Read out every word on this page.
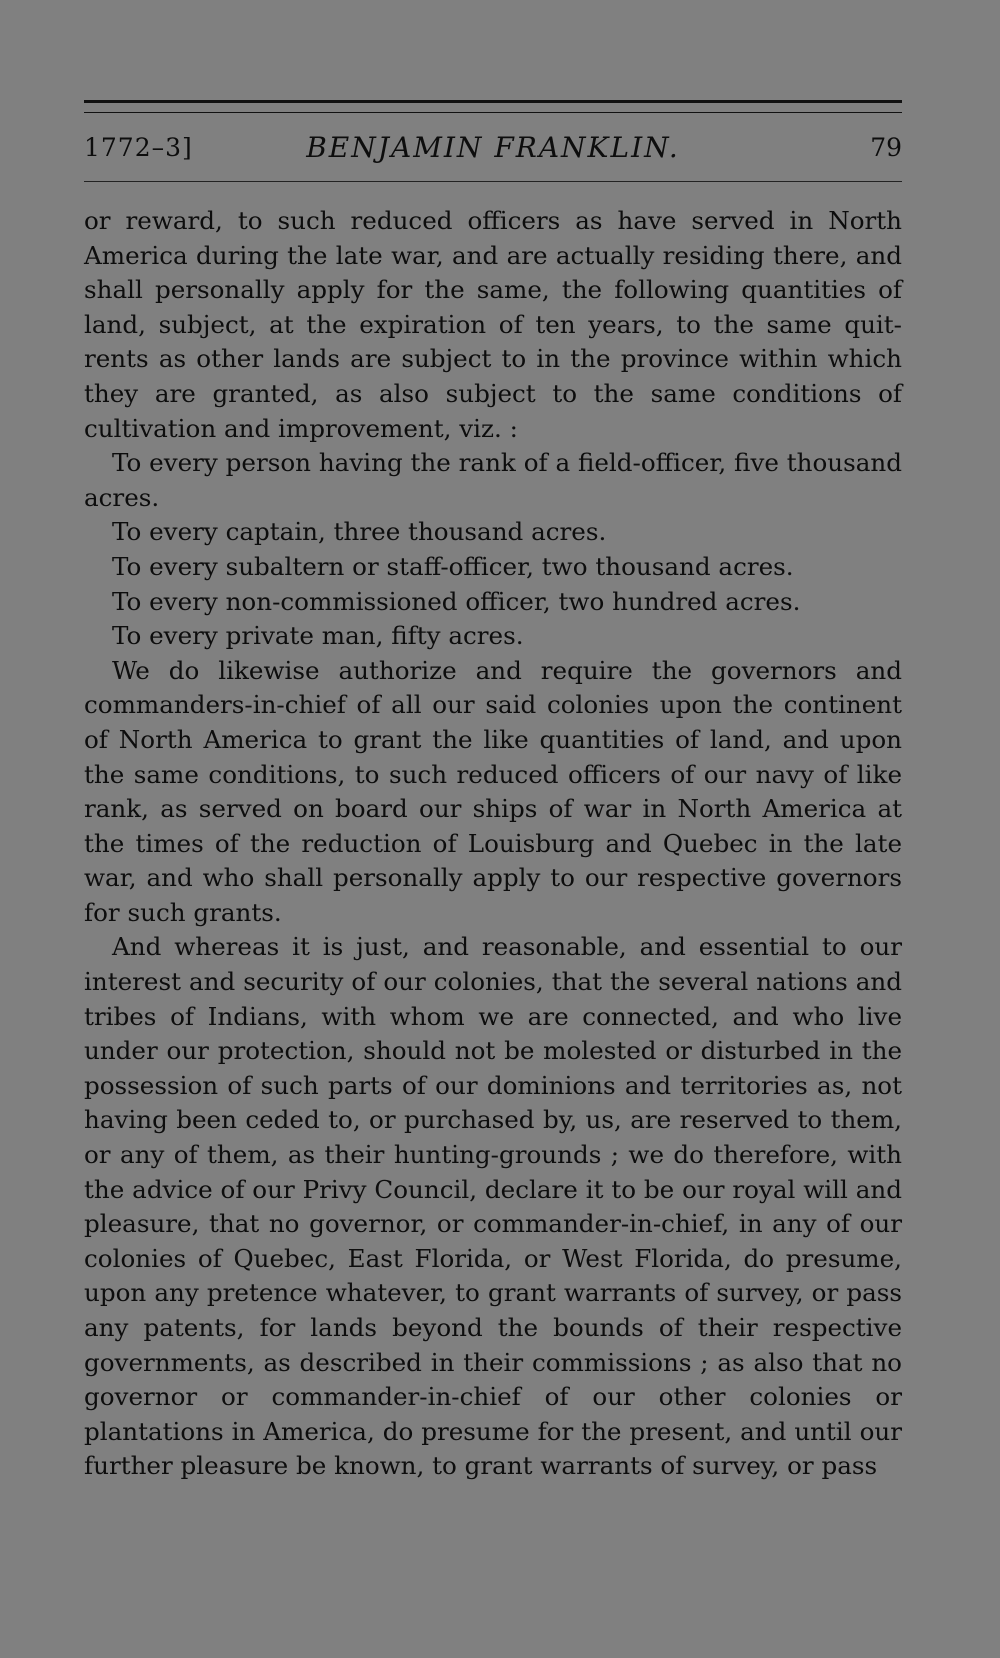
1772–3]	BENJAMIN FRANKLIN.	79

or reward, to such reduced officers as have served in North America during the late war, and are actually residing there, and shall personally apply for the same, the following quantities of land, subject, at the expiration of ten years, to the same quit-rents as other lands are subject to in the province within which they are granted, as also subject to the same conditions of cultivation and improvement, viz. :

To every person having the rank of a field-officer, five thousand acres.

To every captain, three thousand acres.

To every subaltern or staff-officer, two thousand acres.

To every non-commissioned officer, two hundred acres.

To every private man, fifty acres.

We do likewise authorize and require the governors and commanders-in-chief of all our said colonies upon the continent of North America to grant the like quantities of land, and upon the same conditions, to such reduced officers of our navy of like rank, as served on board our ships of war in North America at the times of the reduction of Louisburg and Quebec in the late war, and who shall personally apply to our respective governors for such grants.

And whereas it is just, and reasonable, and essential to our interest and security of our colonies, that the several nations and tribes of Indians, with whom we are connected, and who live under our protection, should not be molested or disturbed in the possession of such parts of our dominions and territories as, not having been ceded to, or purchased by, us, are reserved to them, or any of them, as their hunting-grounds ; we do therefore, with the advice of our Privy Council, declare it to be our royal will and pleasure, that no governor, or commander-in-chief, in any of our colonies of Quebec, East Florida, or West Florida, do presume, upon any pretence whatever, to grant warrants of survey, or pass any patents, for lands beyond the bounds of their respective governments, as described in their commissions ; as also that no governor or commander-in-chief of our other colonies or plantations in America, do presume for the present, and until our further pleasure be known, to grant warrants of survey, or pass
